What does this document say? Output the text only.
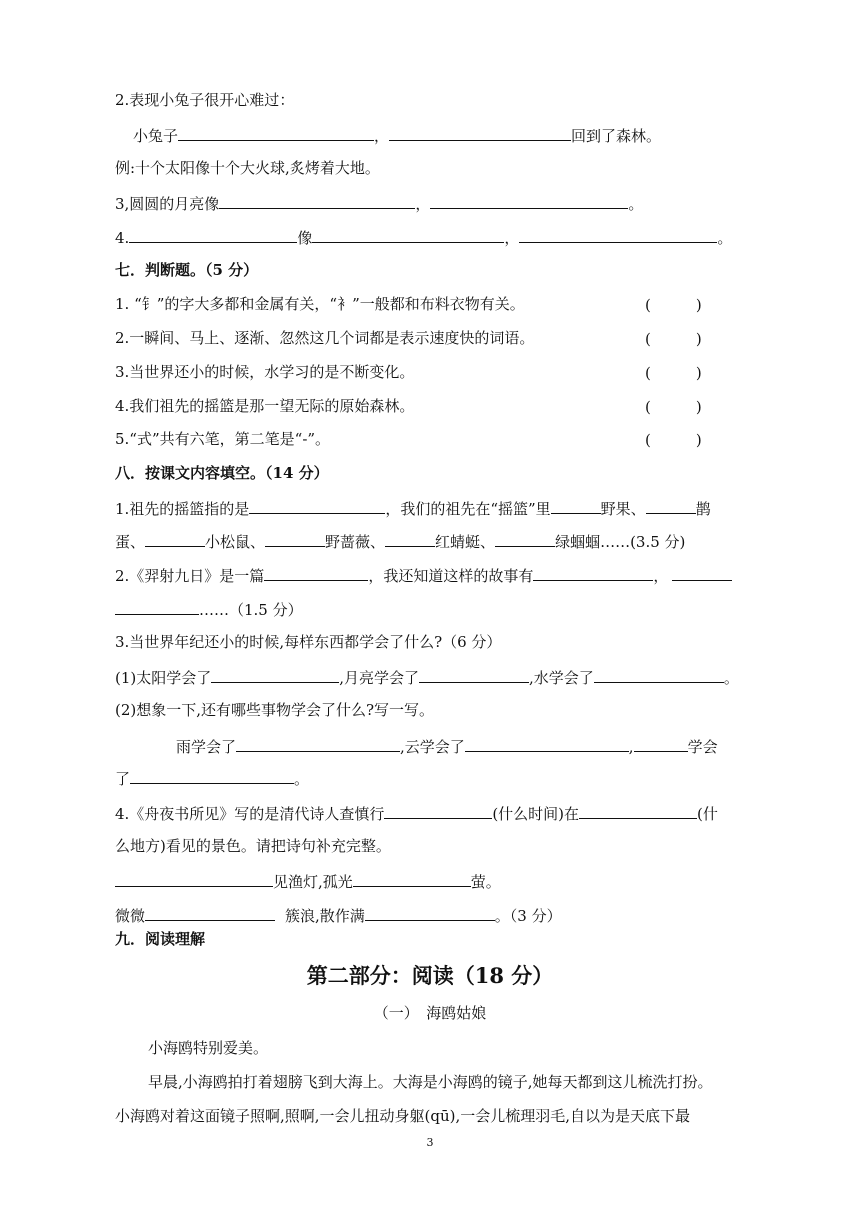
2.表现小兔子很开心难过：
小兔子	，	回到了森林。
例:十个太阳像十个大火球,炙烤着大地。
3,圆圆的月亮像	，	。
4.	像	，	。
七．判断题。（5 分）
1. “钅”的字大多都和金属有关，“衤”一般都和布料衣物有关。	(　　　)
2.一瞬间、马上、逐渐、忽然这几个词都是表示速度快的词语。	(　　　)
3.当世界还小的时候，水学习的是不断变化。	(　　　)
4.我们祖先的摇篮是那一望无际的原始森林。	(　　　)
5.“式”共有六笔，第二笔是“-”。	(　　　)
八．按课文内容填空。（14 分）
1.祖先的摇篮指的是	，我们的祖先在“摇篮”里	野果、	鹊
蛋、	小松鼠、	野蔷薇、	红蜻蜓、	绿蝈蝈……(3.5 分)
2.《羿射九日》是一篇	，我还知道这样的故事有	，
……（1.5 分）
3.当世界年纪还小的时候,每样东西都学会了什么?（6 分）
(1)太阳学会了	,月亮学会了	,水学会了	。
(2)想象一下,还有哪些事物学会了什么?写一写。
雨学会了	,云学会了	,	学会
了	。
4.《舟夜书所见》写的是清代诗人查慎行	(什么时间)在	(什
么地方)看见的景色。请把诗句补充完整。
见渔灯,孤光	萤。
微微	簇浪,散作满	。（3 分）
九．阅读理解
第二部分：阅读（18 分）
（一）　海鸥姑娘
小海鸥特别爱美。
早晨,小海鸥拍打着翅膀飞到大海上。大海是小海鸥的镜子,她每天都到这儿梳洗打扮。
小海鸥对着这面镜子照啊,照啊,一会儿扭动身躯(qū),一会儿梳理羽毛,自以为是天底下最
3
